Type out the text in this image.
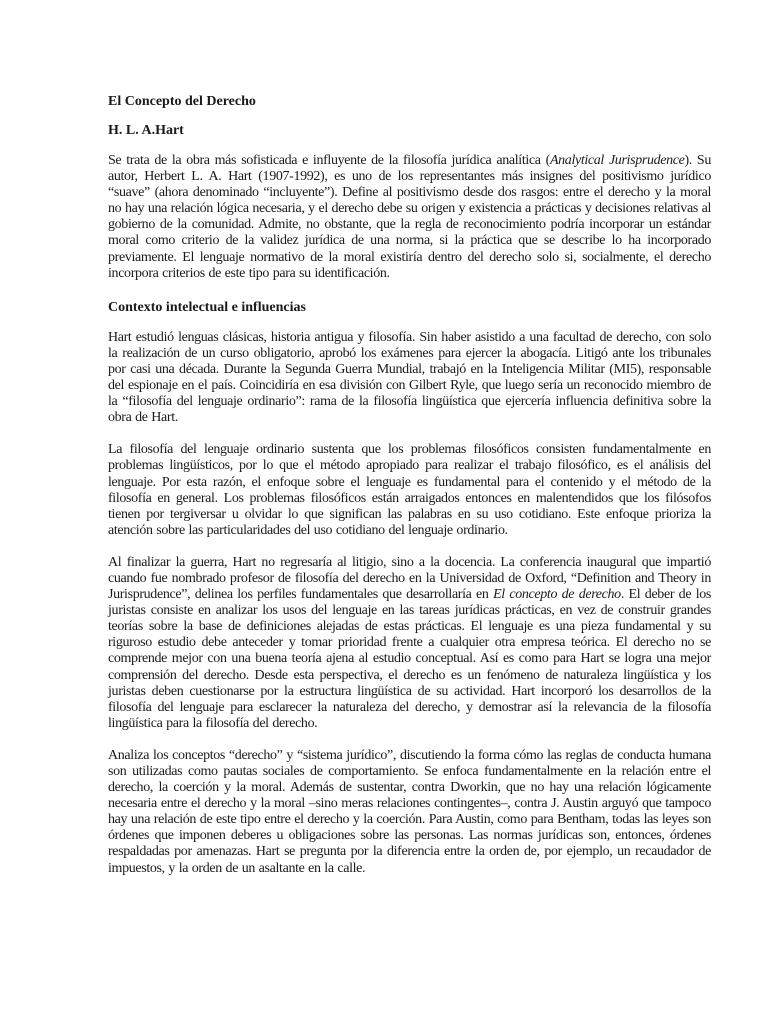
El Concepto del Derecho
H. L. A.Hart

Se trata de la obra más sofisticada e influyente de la filosofía jurídica analítica (Analytical Jurisprudence). Su autor, Herbert L. A. Hart (1907-1992), es uno de los representantes más insignes del positivismo jurídico “suave” (ahora denominado “incluyente”). Define al positivismo desde dos rasgos: entre el derecho y la moral no hay una relación lógica necesaria, y el derecho debe su origen y existencia a prácticas y decisiones relativas al gobierno de la comunidad. Admite, no obstante, que la regla de reconocimiento podría incorporar un estándar moral como criterio de la validez jurídica de una norma, si la práctica que se describe lo ha incorporado previamente. El lenguaje normativo de la moral existiría dentro del derecho solo si, socialmente, el derecho incorpora criterios de este tipo para su identificación.

Contexto intelectual e influencias

Hart estudió lenguas clásicas, historia antigua y filosofía. Sin haber asistido a una facultad de derecho, con solo la realización de un curso obligatorio, aprobó los exámenes para ejercer la abogacía. Litigó ante los tribunales por casi una década. Durante la Segunda Guerra Mundial, trabajó en la Inteligencia Militar (MI5), responsable del espionaje en el país. Coincidiría en esa división con Gilbert Ryle, que luego sería un reconocido miembro de la “filosofía del lenguaje ordinario”: rama de la filosofía lingüística que ejercería influencia definitiva sobre la obra de Hart.

La filosofía del lenguaje ordinario sustenta que los problemas filosóficos consisten fundamentalmente en problemas lingüísticos, por lo que el método apropiado para realizar el trabajo filosófico, es el análisis del lenguaje. Por esta razón, el enfoque sobre el lenguaje es fundamental para el contenido y el método de la filosofía en general. Los problemas filosóficos están arraigados entonces en malentendidos que los filósofos tienen por tergiversar u olvidar lo que significan las palabras en su uso cotidiano. Este enfoque prioriza la atención sobre las particularidades del uso cotidiano del lenguaje ordinario.

Al finalizar la guerra, Hart no regresaría al litigio, sino a la docencia. La conferencia inaugural que impartió cuando fue nombrado profesor de filosofía del derecho en la Universidad de Oxford, “Definition and Theory in Jurisprudence”, delinea los perfiles fundamentales que desarrollaría en El concepto de derecho. El deber de los juristas consiste en analizar los usos del lenguaje en las tareas jurídicas prácticas, en vez de construir grandes teorías sobre la base de definiciones alejadas de estas prácticas. El lenguaje es una pieza fundamental y su riguroso estudio debe anteceder y tomar prioridad frente a cualquier otra empresa teórica. El derecho no se comprende mejor con una buena teoría ajena al estudio conceptual. Así es como para Hart se logra una mejor comprensión del derecho. Desde esta perspectiva, el derecho es un fenómeno de naturaleza lingüística y los juristas deben cuestionarse por la estructura lingüística de su actividad. Hart incorporó los desarrollos de la filosofía del lenguaje para esclarecer la naturaleza del derecho, y demostrar así la relevancia de la filosofía lingüística para la filosofía del derecho.

Analiza los conceptos “derecho” y “sistema jurídico”, discutiendo la forma cómo las reglas de conducta humana son utilizadas como pautas sociales de comportamiento. Se enfoca fundamentalmente en la relación entre el derecho, la coerción y la moral. Además de sustentar, contra Dworkin, que no hay una relación lógicamente necesaria entre el derecho y la moral –sino meras relaciones contingentes–, contra J. Austin arguyó que tampoco hay una relación de este tipo entre el derecho y la coerción. Para Austin, como para Bentham, todas las leyes son órdenes que imponen deberes u obligaciones sobre las personas. Las normas jurídicas son, entonces, órdenes respaldadas por amenazas. Hart se pregunta por la diferencia entre la orden de, por ejemplo, un recaudador de impuestos, y la orden de un asaltante en la calle.
